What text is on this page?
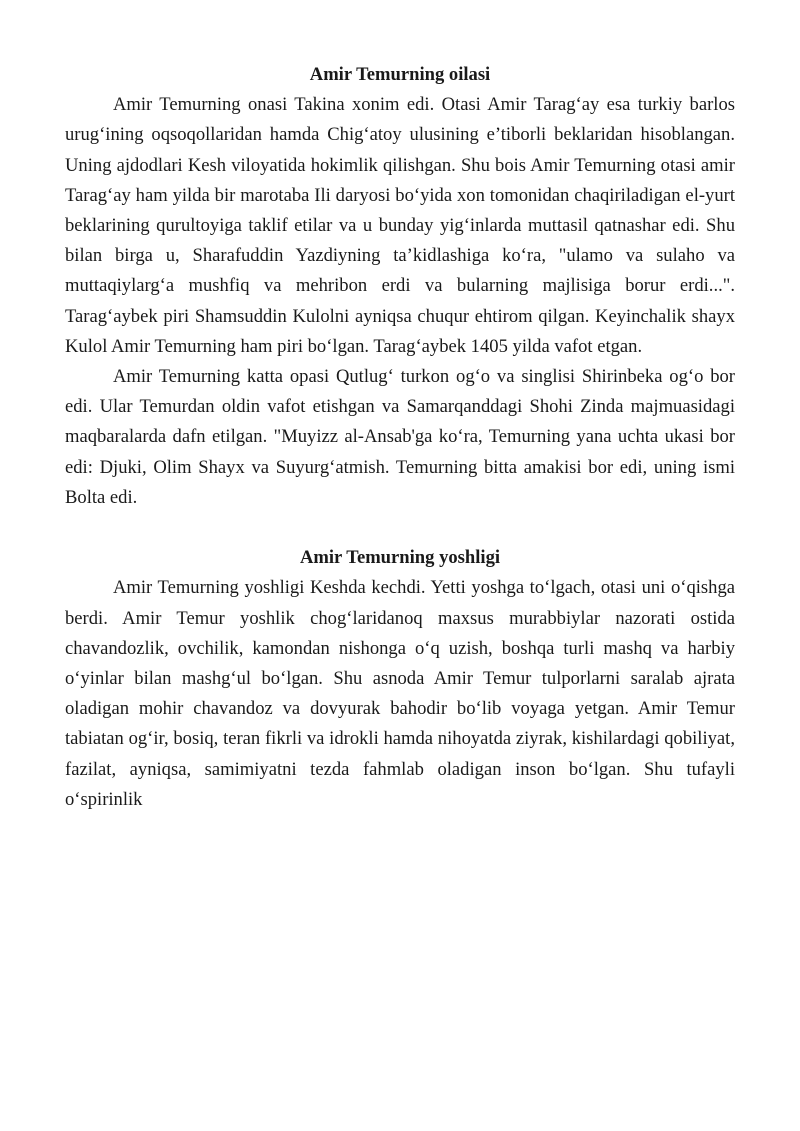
Amir Temurning oilasi

Amir Temurning onasi Takina xonim edi. Otasi Amir Tarag‘ay esa turkiy barlos urug‘ining oqsoqollaridan hamda Chig‘atoy ulusining e’tiborli beklaridan hisoblangan. Uning ajdodlari Kesh viloyatida hokimlik qilishgan. Shu bois Amir Temurning otasi amir Tarag‘ay ham yilda bir marotaba Ili daryosi bo‘yida xon tomonidan chaqiriladigan el-yurt beklarining qurultoyiga taklif etilar va u bunday yig‘inlarda muttasil qatnashar edi. Shu bilan birga u, Sharafuddin Yazdiyning ta’kidlashiga ko‘ra, "ulamo va sulaho va muttaqiylarg‘a mushfiq va mehribon erdi va bularning majlisiga borur erdi...". Tarag‘aybek piri Shamsuddin Kulolni ayniqsa chuqur ehtirom qilgan. Keyinchalik shayx Kulol Amir Temurning ham piri bo‘lgan. Tarag‘aybek 1405 yilda vafot etgan.

Amir Temurning katta opasi Qutlug‘ turkon og‘o va singlisi Shirinbeka og‘o bor edi. Ular Temurdan oldin vafot etishgan va Samarqanddagi Shohi Zinda majmuasidagi maqbaralarda dafn etilgan. "Muyizz al-Ansab'ga ko‘ra, Temurning yana uchta ukasi bor edi: Djuki, Olim Shayx va Suyurg‘atmish. Temurning bitta amakisi bor edi, uning ismi Bolta edi.

Amir Temurning yoshligi

Amir Temurning yoshligi Keshda kechdi. Yetti yoshga to‘lgach, otasi uni o‘qishga berdi. Amir Temur yoshlik chog‘laridanoq maxsus murabbiylar nazorati ostida chavandozlik, ovchilik, kamondan nishonga o‘q uzish, boshqa turli mashq va harbiy o‘yinlar bilan mashg‘ul bo‘lgan. Shu asnoda Amir Temur tulporlarni saralab ajrata oladigan mohir chavandoz va dovyurak bahodir bo‘lib voyaga yetgan. Amir Temur tabiatan og‘ir, bosiq, teran fikrli va idrokli hamda nihoyatda ziyrak, kishilardagi qobiliyat, fazilat, ayniqsa, samimiyatni tezda fahmlab oladigan inson bo‘lgan. Shu tufayli o‘spirinlik
